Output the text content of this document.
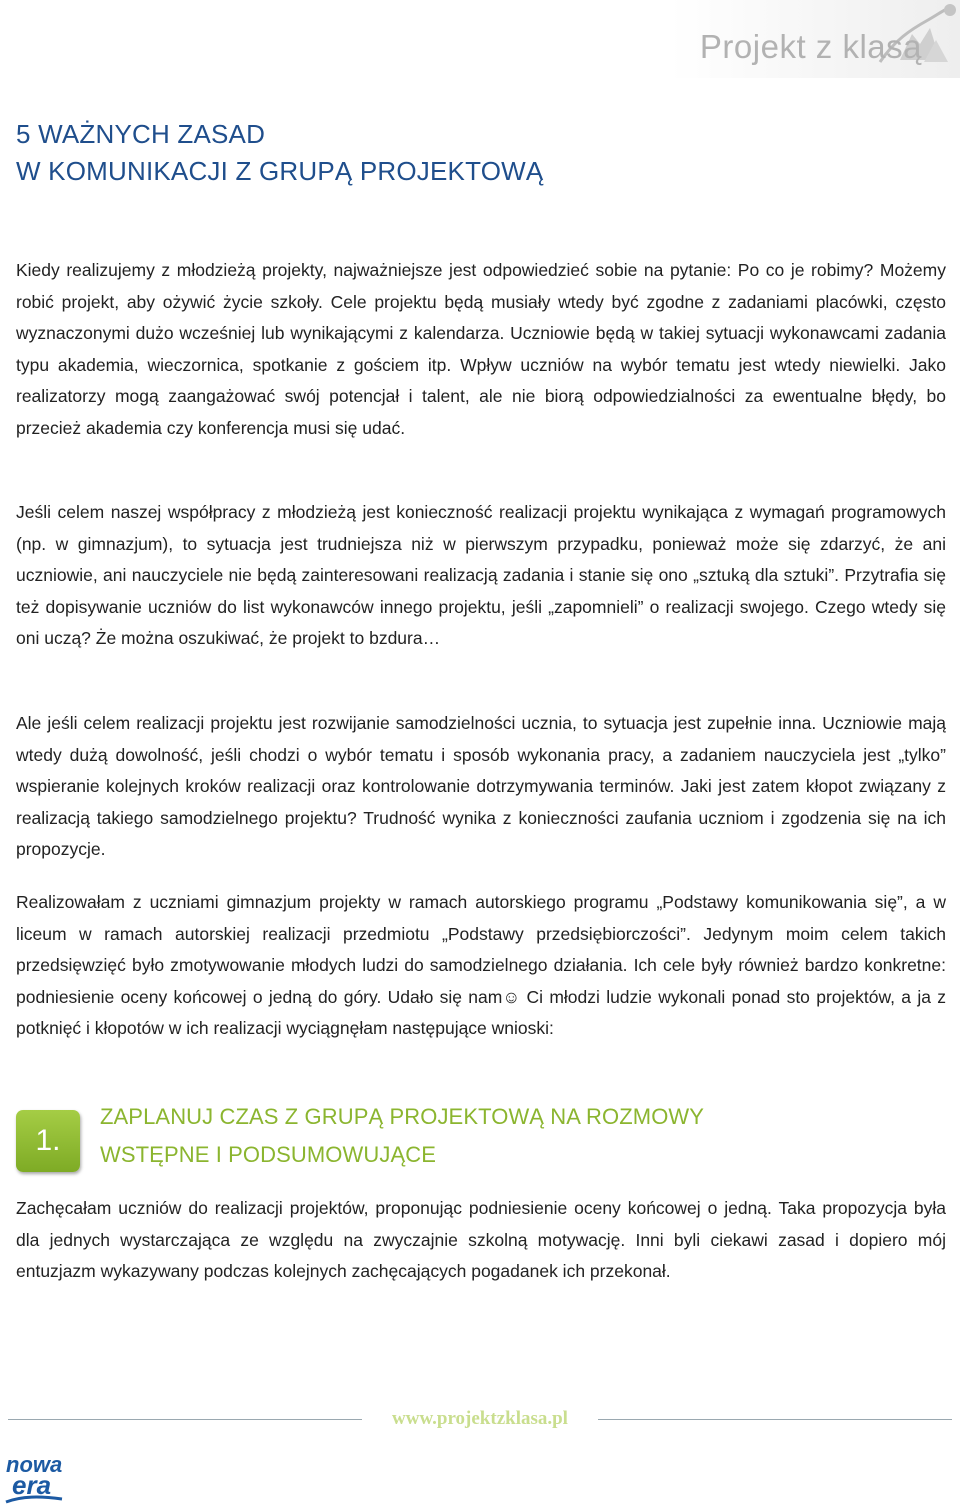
Projekt z klasą
5 WAŻNYCH ZASAD
W KOMUNIKACJI Z GRUPĄ PROJEKTOWĄ

Kiedy realizujemy z młodzieżą projekty, najważniejsze jest odpowiedzieć sobie na pytanie: Po co je robimy? Możemy robić projekt, aby ożywić życie szkoły. Cele projektu będą musiały wtedy być zgodne z zadaniami placówki, często wyznaczonymi dużo wcześniej lub wynikającymi z kalendarza. Uczniowie będą w takiej sytuacji wykonawcami zadania typu akademia, wieczornica, spotkanie z gościem itp. Wpływ uczniów na wybór tematu jest wtedy niewielki. Jako realizatorzy mogą zaangażować swój potencjał i talent, ale nie biorą odpowiedzialności za ewentualne błędy, bo przecież akademia czy konferencja musi się udać.

Jeśli celem naszej współpracy z młodzieżą jest konieczność realizacji projektu wynikająca z wymagań programowych (np. w gimnazjum), to sytuacja jest trudniejsza niż w pierwszym przypadku, ponieważ może się zdarzyć, że ani uczniowie, ani nauczyciele nie będą zainteresowani realizacją zadania i stanie się ono „sztuką dla sztuki”. Przytrafia się też dopisywanie uczniów do list wykonawców innego projektu, jeśli „zapomnieli” o realizacji swojego. Czego wtedy się oni uczą? Że można oszukiwać, że projekt to bzdura…

Ale jeśli celem realizacji projektu jest rozwijanie samodzielności ucznia, to sytuacja jest zupełnie inna. Uczniowie mają wtedy dużą dowolność, jeśli chodzi o wybór tematu i sposób wykonania pracy, a zadaniem nauczyciela jest „tylko” wspieranie kolejnych kroków realizacji oraz kontrolowanie dotrzymywania terminów. Jaki jest zatem kłopot związany z realizacją takiego samodzielnego projektu? Trudność wynika z konieczności zaufania uczniom i zgodzenia się na ich propozycje.

Realizowałam z uczniami gimnazjum projekty w ramach autorskiego programu „Podstawy komunikowania się”, a w liceum w ramach autorskiej realizacji przedmiotu „Podstawy przedsiębiorczości”. Jedynym moim celem takich przedsięwzięć było zmotywowanie młodych ludzi do samodzielnego działania. Ich cele były również bardzo konkretne: podniesienie oceny końcowej o jedną do góry. Udało się nam☺ Ci młodzi ludzie wykonali ponad sto projektów, a ja z potknięć i kłopotów w ich realizacji wyciągnęłam następujące wnioski:

1.
ZAPLANUJ CZAS Z GRUPĄ PROJEKTOWĄ NA ROZMOWY
WSTĘPNE I PODSUMOWUJĄCE

Zachęcałam uczniów do realizacji projektów, proponując podniesienie oceny końcowej o jedną. Taka propozycja była dla jednych wystarczająca ze względu na zwyczajnie szkolną motywację. Inni byli ciekawi zasad i dopiero mój entuzjazm wykazywany podczas kolejnych zachęcających pogadanek ich przekonał.

www.projektzklasa.pl
nowa
era
